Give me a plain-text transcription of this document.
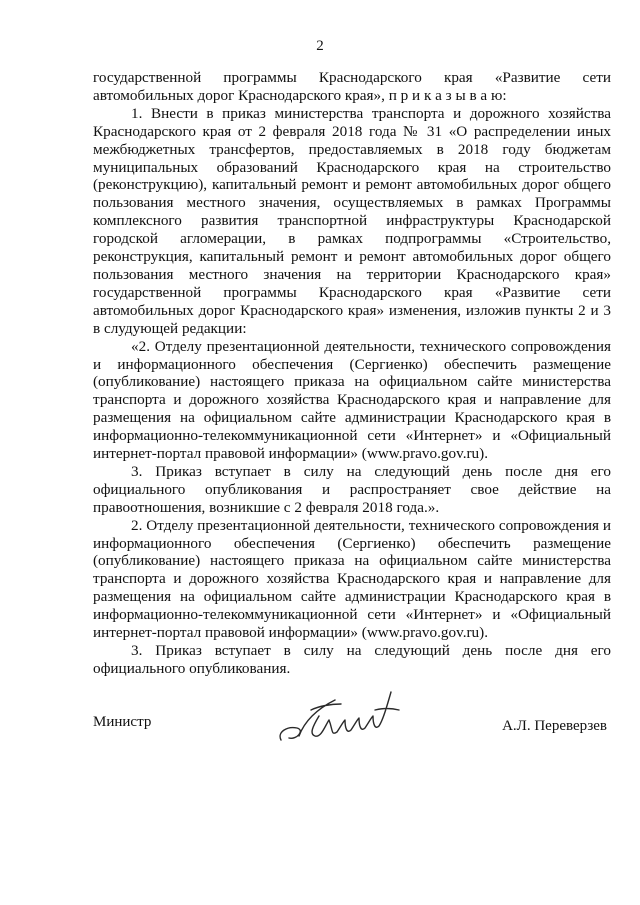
2

государственной программы Краснодарского края «Развитие сети автомобильных дорог Краснодарского края», п р и к а з ы в а ю:

1. Внести в приказ министерства транспорта и дорожного хозяйства Краснодарского края от 2 февраля 2018 года № 31 «О распределении иных межбюджетных трансфертов, предоставляемых в 2018 году бюджетам муниципальных образований Краснодарского края на строительство (реконструкцию), капитальный ремонт и ремонт автомобильных дорог общего пользования местного значения, осуществляемых в рамках Программы комплексного развития транспортной инфраструктуры Краснодарской городской агломерации, в рамках подпрограммы «Строительство, реконструкция, капитальный ремонт и ремонт автомобильных дорог общего пользования местного значения на территории Краснодарского края» государственной программы Краснодарского края «Развитие сети автомобильных дорог Краснодарского края» изменения, изложив пункты 2 и 3 в слудующей редакции:

«2. Отделу презентационной деятельности, технического сопровождения и информационного обеспечения (Сергиенко) обеспечить размещение (опубликование) настоящего приказа на официальном сайте министерства транспорта и дорожного хозяйства Краснодарского края и направление для размещения на официальном сайте администрации Краснодарского края в информационно-телекоммуникационной сети «Интернет» и «Официальный интернет-портал правовой информации» (www.pravo.gov.ru).

3. Приказ вступает в силу на следующий день после дня его официального опубликования и распространяет свое действие на правоотношения, возникшие с 2 февраля 2018 года.».

2. Отделу презентационной деятельности, технического сопровождения и информационного обеспечения (Сергиенко) обеспечить размещение (опубликование) настоящего приказа на официальном сайте министерства транспорта и дорожного хозяйства Краснодарского края и направление для размещения на официальном сайте администрации Краснодарского края в информационно-телекоммуникационной сети «Интернет» и «Официальный интернет-портал правовой информации» (www.pravo.gov.ru).

3. Приказ вступает в силу на следующий день после дня его официального опубликования.

Министр	А.Л. Переверзев
